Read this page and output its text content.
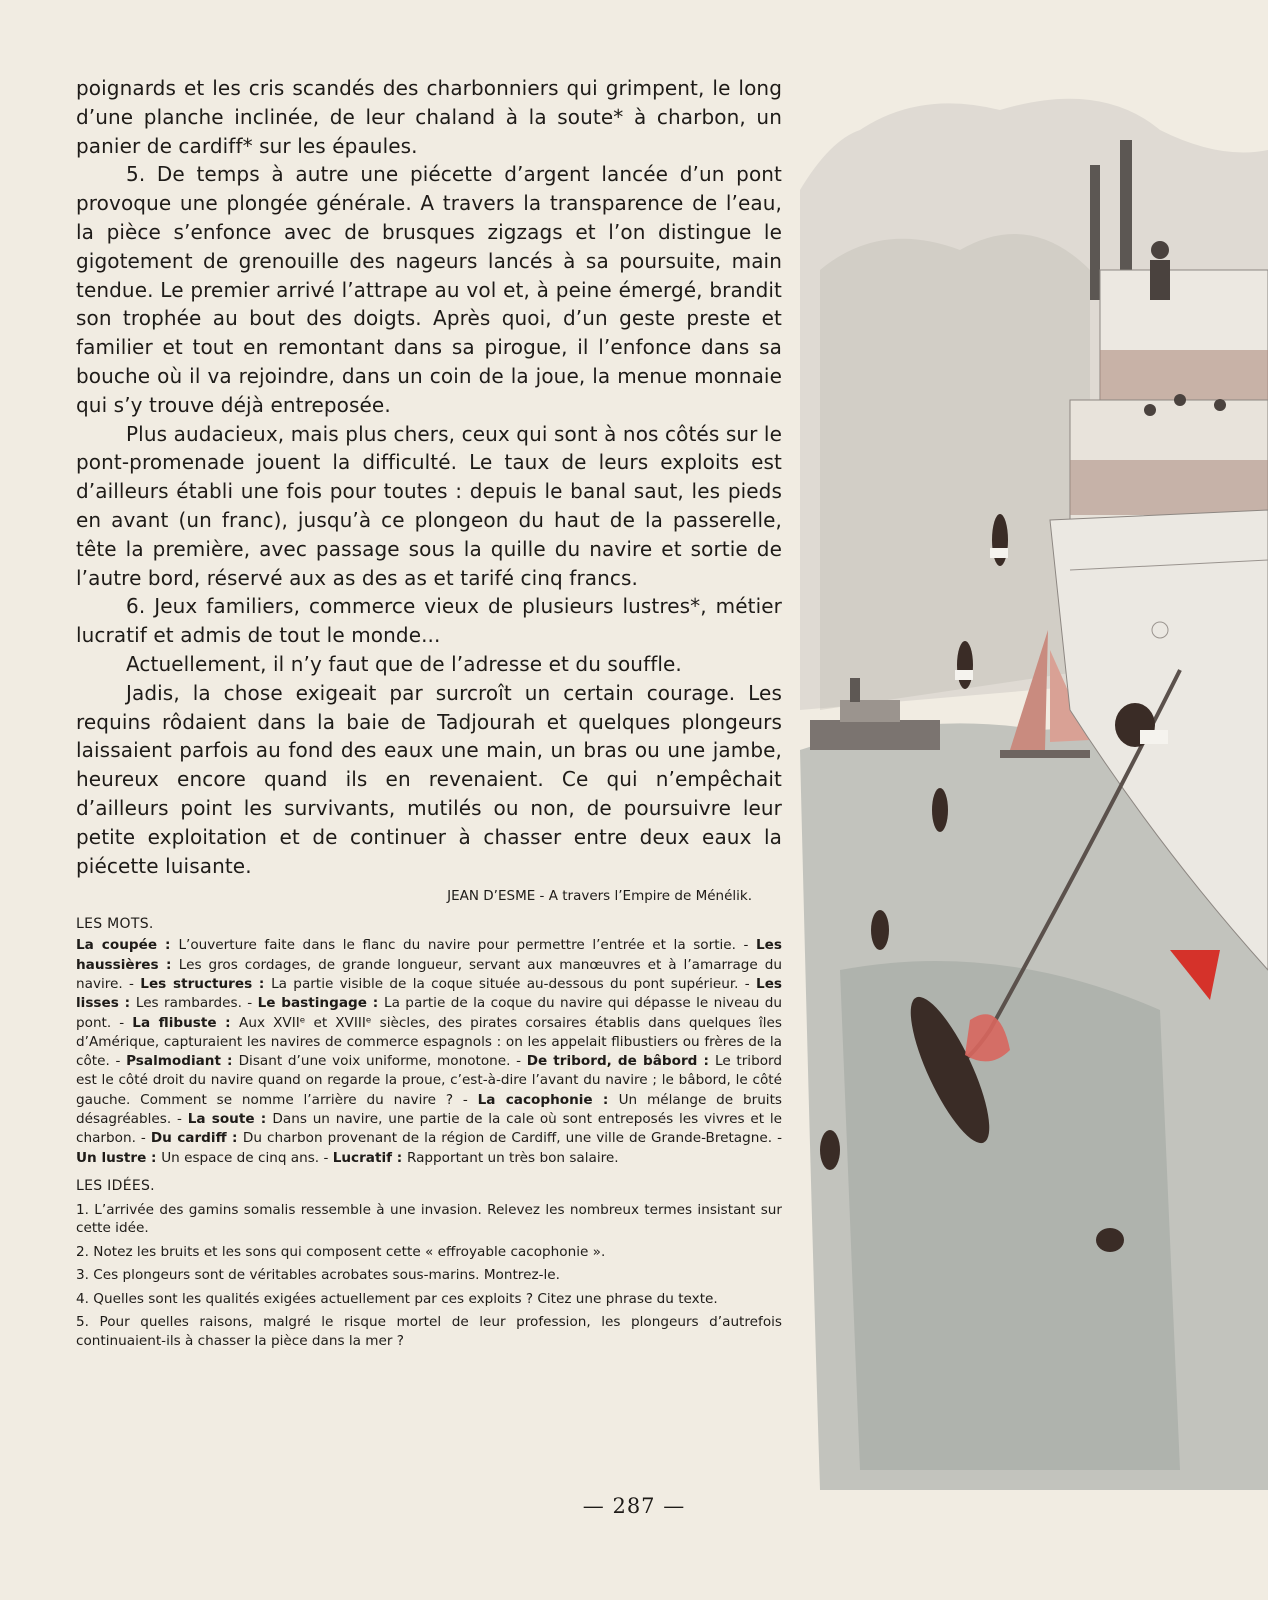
poignards et les cris scandés des charbonniers qui grimpent, le long d’une planche inclinée, de leur chaland à la soute* à charbon, un panier de cardiff* sur les épaules.

5. De temps à autre une piécette d’argent lancée d’un pont provoque une plongée générale. A travers la transparence de l’eau, la pièce s’enfonce avec de brusques zigzags et l’on distingue le gigotement de grenouille des nageurs lancés à sa poursuite, main tendue. Le premier arrivé l’attrape au vol et, à peine émergé, brandit son trophée au bout des doigts. Après quoi, d’un geste preste et familier et tout en remontant dans sa pirogue, il l’enfonce dans sa bouche où il va rejoindre, dans un coin de la joue, la menue monnaie qui s’y trouve déjà entreposée.

Plus audacieux, mais plus chers, ceux qui sont à nos côtés sur le pont-promenade jouent la difficulté. Le taux de leurs exploits est d’ailleurs établi une fois pour toutes : depuis le banal saut, les pieds en avant (un franc), jusqu’à ce plongeon du haut de la passerelle, tête la première, avec passage sous la quille du navire et sortie de l’autre bord, réservé aux as des as et tarifé cinq francs.

6. Jeux familiers, commerce vieux de plusieurs lustres*, métier lucratif et admis de tout le monde...

Actuellement, il n’y faut que de l’adresse et du souffle.

Jadis, la chose exigeait par surcroît un certain courage. Les requins rôdaient dans la baie de Tadjourah et quelques plongeurs laissaient parfois au fond des eaux une main, un bras ou une jambe, heureux encore quand ils en revenaient. Ce qui n’empêchait d’ailleurs point les survivants, mutilés ou non, de poursuivre leur petite exploitation et de continuer à chasser entre deux eaux la piécette luisante.

JEAN D’ESME - A travers l’Empire de Ménélik.
LES MOTS.

La coupée : L’ouverture faite dans le flanc du navire pour permettre l’entrée et la sortie. - Les haussières : Les gros cordages, de grande longueur, servant aux manœuvres et à l’amarrage du navire. - Les structures : La partie visible de la coque située au-dessous du pont supérieur. - Les lisses : Les rambardes. - Le bastingage : La partie de la coque du navire qui dépasse le niveau du pont. - La flibuste : Aux XVIIᵉ et XVIIIᵉ siècles, des pirates corsaires établis dans quelques îles d’Amérique, capturaient les navires de commerce espagnols : on les appelait flibustiers ou frères de la côte. - Psalmodiant : Disant d’une voix uniforme, monotone. - De tribord, de bâbord : Le tribord est le côté droit du navire quand on regarde la proue, c’est-à-dire l’avant du navire ; le bâbord, le côté gauche. Comment se nomme l’arrière du navire ? - La cacophonie : Un mélange de bruits désagréables. - La soute : Dans un navire, une partie de la cale où sont entreposés les vivres et le charbon. - Du cardiff : Du charbon provenant de la région de Cardiff, une ville de Grande-Bretagne. - Un lustre : Un espace de cinq ans. - Lucratif : Rapportant un très bon salaire.

LES IDÉES.

1. L’arrivée des gamins somalis ressemble à une invasion. Relevez les nombreux termes insistant sur cette idée.

2. Notez les bruits et les sons qui composent cette « effroyable cacophonie ».

3. Ces plongeurs sont de véritables acrobates sous-marins. Montrez-le.

4. Quelles sont les qualités exigées actuellement par ces exploits ? Citez une phrase du texte.

5. Pour quelles raisons, malgré le risque mortel de leur profession, les plongeurs d’autrefois continuaient-ils à chasser la pièce dans la mer ?

— 287 —
